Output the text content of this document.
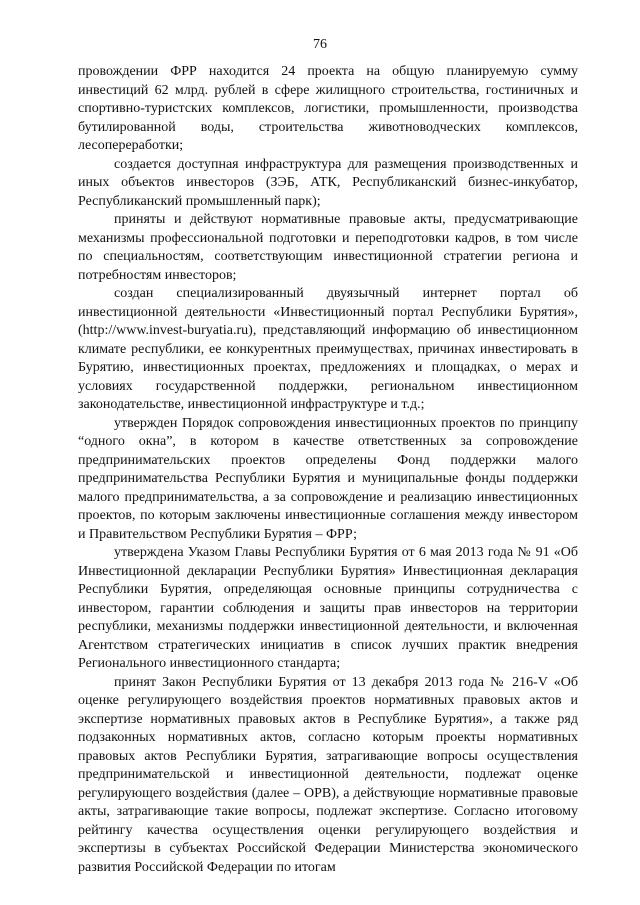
76

провождении ФРР находится 24 проекта на общую планируемую сумму инвестиций 62 млрд. рублей в сфере жилищного строительства, гостиничных и спортивно-туристских комплексов, логистики, промышленности, производства бутилированной воды, строительства животноводческих комплексов, лесопереработки;

создается доступная инфраструктура для размещения производственных и иных объектов инвесторов (ЗЭБ, АТК, Республиканский бизнес-инкубатор, Республиканский промышленный парк);

приняты и действуют нормативные правовые акты, предусматривающие механизмы профессиональной подготовки и переподготовки кадров, в том числе по специальностям, соответствующим инвестиционной стратегии региона и потребностям инвесторов;

создан специализированный двуязычный интернет портал об инвестиционной деятельности «Инвестиционный портал Республики Бурятия», (http://www.invest-buryatia.ru), представляющий информацию об инвестиционном климате республики, ее конкурентных преимуществах, причинах инвестировать в Бурятию, инвестиционных проектах, предложениях и площадках, о мерах и условиях государственной поддержки, региональном инвестиционном законодательстве, инвестиционной инфраструктуре и т.д.;

утвержден Порядок сопровождения инвестиционных проектов по принципу “одного окна”, в котором в качестве ответственных за сопровождение предпринимательских проектов определены Фонд поддержки малого предпринимательства Республики Бурятия и муниципальные фонды поддержки малого предпринимательства, а за сопровождение и реализацию инвестиционных проектов, по которым заключены инвестиционные соглашения между инвестором и Правительством Республики Бурятия – ФРР;

утверждена Указом Главы Республики Бурятия от 6 мая 2013 года № 91 «Об Инвестиционной декларации Республики Бурятия» Инвестиционная декларация Республики Бурятия, определяющая основные принципы сотрудничества с инвестором, гарантии соблюдения и защиты прав инвесторов на территории республики, механизмы поддержки инвестиционной деятельности, и включенная Агентством стратегических инициатив в список лучших практик внедрения Регионального инвестиционного стандарта;

принят Закон Республики Бурятия от 13 декабря 2013 года № 216-V «Об оценке регулирующего воздействия проектов нормативных правовых актов и экспертизе нормативных правовых актов в Республике Бурятия», а также ряд подзаконных нормативных актов, согласно которым проекты нормативных правовых актов Республики Бурятия, затрагивающие вопросы осуществления предпринимательской и инвестиционной деятельности, подлежат оценке регулирующего воздействия (далее – ОРВ), а действующие нормативные правовые акты, затрагивающие такие вопросы, подлежат экспертизе. Согласно итоговому рейтингу качества осуществления оценки регулирующего воздействия и экспертизы в субъектах Российской Федерации Министерства экономического развития Российской Федерации по итогам
